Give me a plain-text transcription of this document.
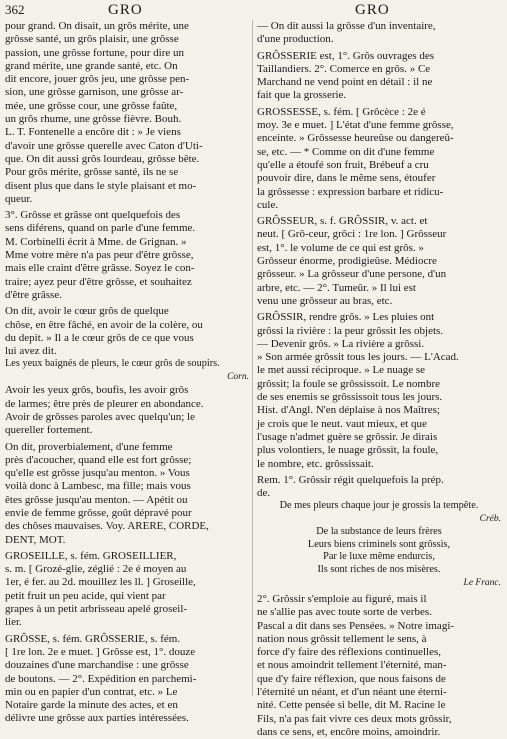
362	GRO	GRO

pour grand. On disait, un grôs mérite, une

grôsse santé, un grôs plaisir, une grôsse

passion, une grôsse fortune, pour dire un

grand mérite, une grande santé, etc. On

dit encore, jouer grôs jeu, une grôsse pen-

sion, une grôsse garnison, une grôsse ar-

mée, une grôsse cour, une grôsse faûte,

un grôs rhume, une grôsse fièvre. Bouh.

L. T. Fontenelle a encôre dit : » Je viens

d'avoir une grôsse querelle avec Caton d'Uti-

que. On dit aussi grôs lourdeau, grôsse bête.

Pour grôs mérite, grôsse santé, ils ne se

disent plus que dans le style plaisant et mo-

queur.

3°. Grôsse et grâsse ont quelquefois des

sens diférens, quand on parle d'une femme.

M. Corbinelli écrit à Mme. de Grignan. »

Mme votre mère n'a pas peur d'être grôsse,

mais elle craint d'être grâsse. Soyez le con-

traire; ayez peur d'être grôsse, et souhaitez

d'être grâsse.

On dit, avoir le cœur grôs de quelque

chôse, en être fâché, en avoir de la colère, ou

du depit. » Il a le cœur grôs de ce que vous

lui avez dit.

Les yeux baignés de pleurs, le cœur grôs de soupirs.

Corn.

Avoir les yeux grôs, boufis, les avoir grôs

de larmes; être près de pleurer en abondance.

Avoir de grôsses paroles avec quelqu'un; le

quereller fortement.

On dit, proverbialement, d'une femme

près d'acoucher, quand elle est fort grôsse;

qu'elle est grôsse jusqu'au menton. » Vous

voilà donc à Lambesc, ma fille; mais vous

êtes grôsse jusqu'au menton. — Apétit ou

envie de femme grôsse, goût dépravé pour

des chôses mauvaises. Voy. ARERE, CORDE,

DENT, MOT.

GROSEILLE, s. fém. GROSEILLIER,

s. m. [ Grozé-glie, zéglié : 2e é moyen au

1er, é fer. au 2d. mouillez les ll. ] Groseille,

petit fruit un peu acide, qui vient par

grapes à un petit arbrisseau apelé groseil-

lier.

GRÔSSE, s. fém. GRÔSSERIE, s. fém.

[ 1re lon. 2e e muet. ] Grôsse est, 1°. douze

douzaines d'une marchandise : une grôsse

de boutons. — 2°. Expédition en parchemi-

min ou en papier d'un contrat, etc. » Le

Notaire garde la minute des actes, et en

délivre une grôsse aux parties intéressées.

— On dit aussi la grôsse d'un inventaire,

d'une production.

GRÔSSERIE est, 1°. Grôs ouvrages des

Taillandiers. 2°. Comerce en grôs. » Ce

Marchand ne vend point en détail : il ne

fait que la grosserie.

GROSSESSE, s. fém. [ Grôcèce : 2e é

moy. 3e e muet. ] L'état d'une femme grôsse,

enceinte. » Grôssesse heureûse ou dangereû-

se, etc. — * Comme on dit d'une femme

qu'elle a étoufé son fruit, Brébeuf a cru

pouvoir dire, dans le même sens, étoufer

la grôssesse : expression barbare et ridicu-

cule.

GRÔSSEUR, s. f. GRÔSSIR, v. act. et

neut. [ Grô-ceur, grôci : 1re lon. ] Grôsseur

est, 1°. le volume de ce qui est grôs. »

Grôsseur énorme, prodigieûse. Médiocre

grôsseur. » La grôsseur d'une persone, d'un

arbre, etc. — 2°. Tumeûr. » Il lui est

venu une grôsseur au bras, etc.

GRÔSSIR, rendre grôs. » Les pluies ont

grôssi la rivière : la peur grôssit les objets.

— Devenir grôs. » La rivière a grôssi.

» Son armée grôssit tous les jours. — L'Acad.

le met aussi réciproque. » Le nuage se

grôssit; la foule se grôssissoit. Le nombre

de ses enemis se grôssissoit tous les jours.

Hist. d'Angl. N'en déplaise à nos Maîtres;

je crois que le neut. vaut mieux, et que

l'usage n'admet guère se grôssir. Je dirais

plus volontiers, le nuage grôssit, la foule,

le nombre, etc. grôssissait.

Rem. 1°. Grôssir régit quelquefois la prép.

de.

De mes pleurs chaque jour je grossis la tempête.

Créb.

De la substance de leurs frères

Leurs biens criminels sont grôssis,

Par le luxe même endurcis,

Ils sont riches de nos misères.

Le Franc.

2°. Grôssir s'emploie au figuré, mais il

ne s'allie pas avec toute sorte de verbes.

Pascal a dit dans ses Pensées. » Notre imagi-

nation nous grôssit tellement le sens, à

force d'y faire des réflexions continuelles,

et nous amoindrit tellement l'éternité, man-

que d'y faire réflexion, que nous faisons de

l'éternité un néant, et d'un néant une éterni-

nité. Cette pensée si belle, dit M. Racine le

Fils, n'a pas fait vivre ces deux mots grôssir,

dans ce sens, et, encôre moins, amoindrir.
